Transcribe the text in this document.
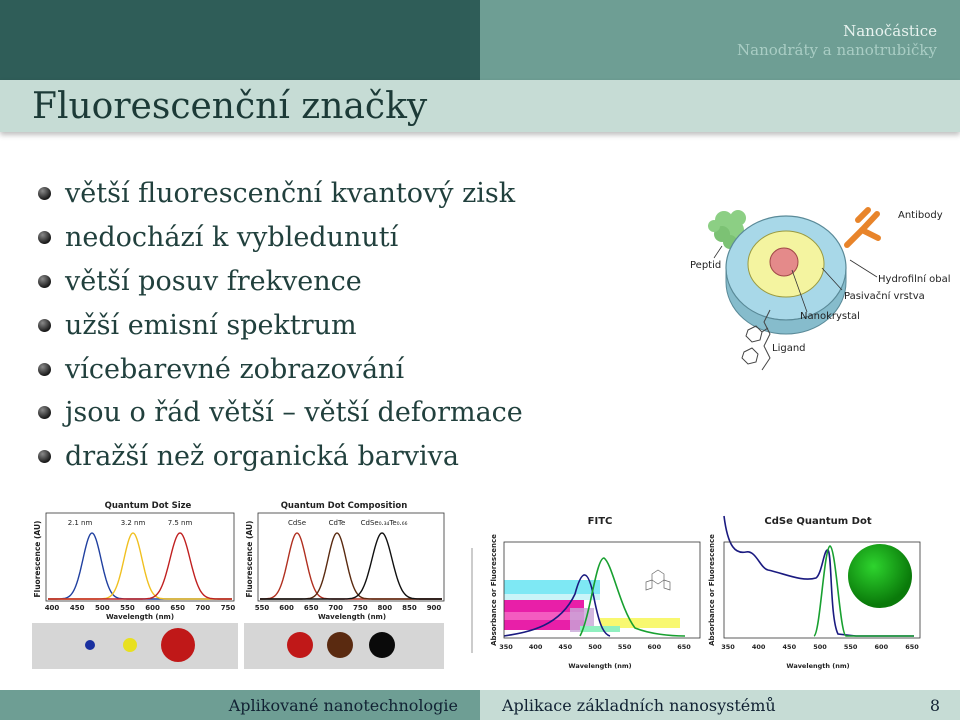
Nanočástice
Nanodráty a nanotrubičky
Fluorescenční značky
větší fluorescenční kvantový zisk
nedochází k vybledunutí
větší posuv frekvence
užší emisní spektrum
vícebarevné zobrazování
jsou o řád větší – větší deformace
dražší než organická barviva
Antibody
Peptid
Hydrofilní obal
Pasivační vrstva
Nanokrystal
Ligand
Quantum Dot Size
Fluorescence (AU)	2.1 nm	3.2 nm	7.5 nm
400 450 500 550 600 650 700 750
Wavelength (nm)
Quantum Dot Composition
Fluorescence (AU)	CdSe	CdTe CdSe₀.₃₄Te₀.₆₆
550 600 650 700 750 800 850 900
Wavelength (nm)
FITC
Absorbance or Fluorescence
350 400 450 500 550 600 650
Wavelength (nm)
CdSe Quantum Dot
Absorbance or Fluorescence
350	400	450	500	550	600	650
Wavelength (nm)
Aplikované nanotechnologie	Aplikace základních nanosystémů	8
